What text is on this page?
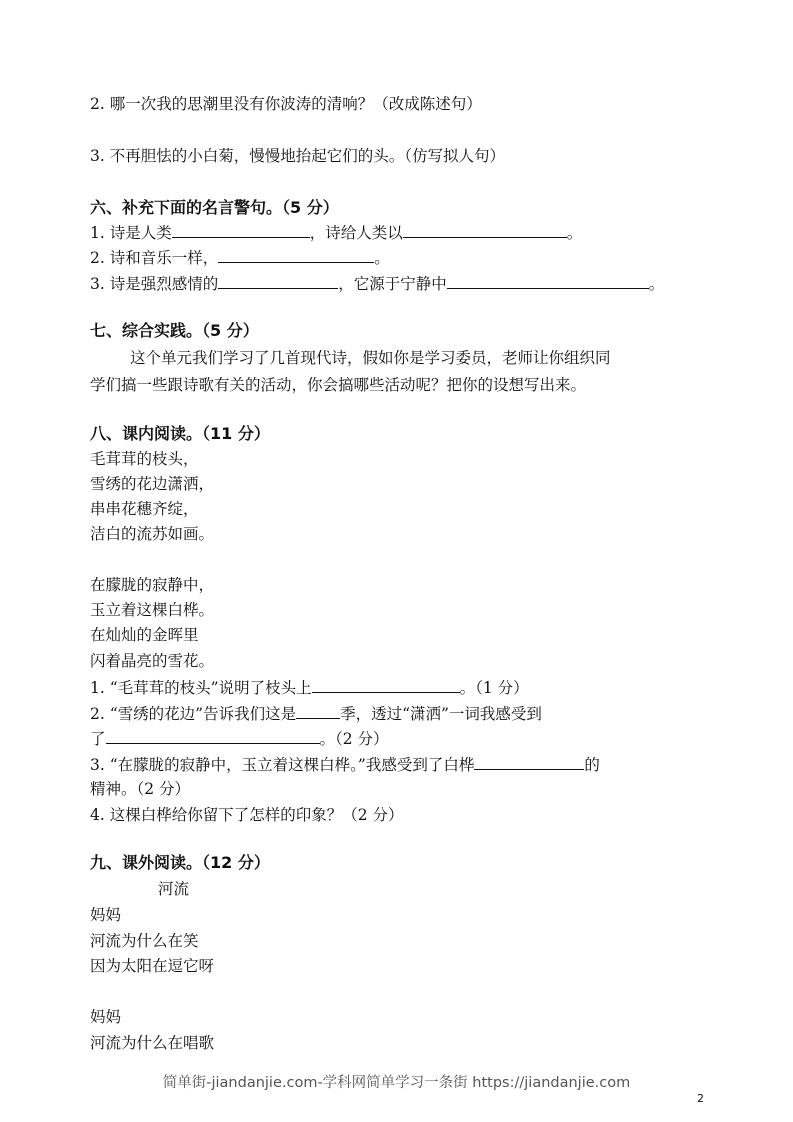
2. 哪一次我的思潮里没有你波涛的清响？（改成陈述句）
3. 不再胆怯的小白菊，慢慢地抬起它们的头。（仿写拟人句）
六、补充下面的名言警句。（5 分）
1. 诗是人类	，诗给人类以	。
2. 诗和音乐一样，	。
3. 诗是强烈感情的	，它源于宁静中	。
七、综合实践。（5 分）
这个单元我们学习了几首现代诗，假如你是学习委员，老师让你组织同
学们搞一些跟诗歌有关的活动，你会搞哪些活动呢？把你的设想写出来。
八、课内阅读。（11 分）
毛茸茸的枝头，
雪绣的花边潇洒，
串串花穗齐绽，
洁白的流苏如画。
在朦胧的寂静中，
玉立着这棵白桦。
在灿灿的金晖里
闪着晶亮的雪花。
1. “毛茸茸的枝头”说明了枝头上	。（1 分）
2. “雪绣的花边”告诉我们这是	季，透过“潇洒”一词我感受到
了	。（2 分）
3. “在朦胧的寂静中，玉立着这棵白桦。”我感受到了白桦	的
精神。（2 分）
4. 这棵白桦给你留下了怎样的印象？（2 分）
九、课外阅读。（12 分）
河流
妈妈
河流为什么在笑
因为太阳在逗它呀
妈妈
河流为什么在唱歌
简单街-jiandanjie.com-学科网简单学习一条街 https://jiandanjie.com
2
